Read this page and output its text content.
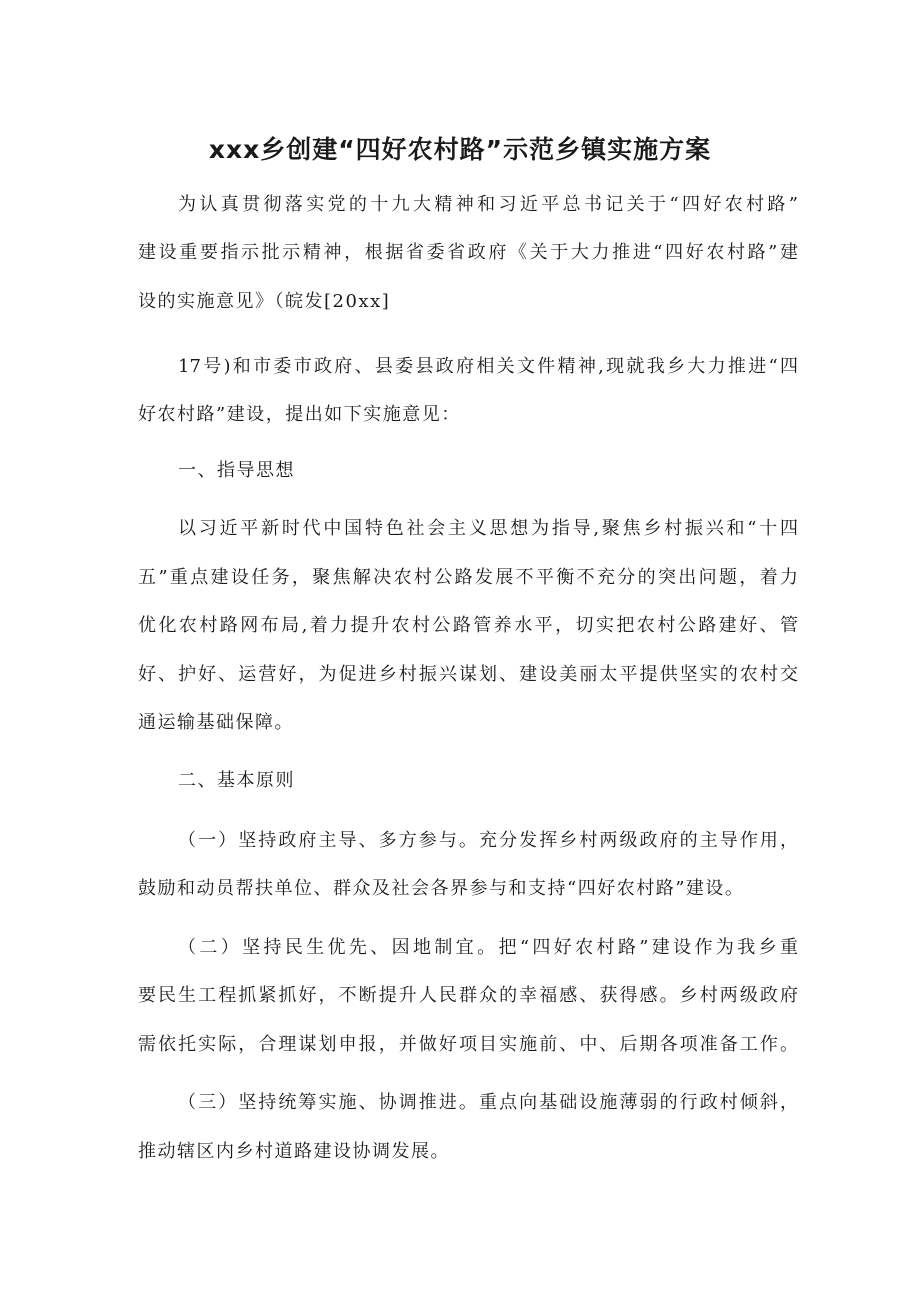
xxx乡创建“四好农村路”示范乡镇实施方案

为认真贯彻落实党的十九大精神和习近平总书记关于“四好农村路”

建设重要指示批示精神，根据省委省政府《关于大力推进“四好农村路”建

设的实施意见》（皖发[20xx]

17号)和市委市政府、县委县政府相关文件精神,现就我乡大力推进“四

好农村路”建设，提出如下实施意见：

一、指导思想

以习近平新时代中国特色社会主义思想为指导,聚焦乡村振兴和“十四

五”重点建设任务，聚焦解决农村公路发展不平衡不充分的突出问题，着力

优化农村路网布局,着力提升农村公路管养水平，切实把农村公路建好、管

好、护好、运营好，为促进乡村振兴谋划、建设美丽太平提供坚实的农村交

通运输基础保障。

二、基本原则

（一）坚持政府主导、多方参与。充分发挥乡村两级政府的主导作用，

鼓励和动员帮扶单位、群众及社会各界参与和支持“四好农村路”建设。

（二）坚持民生优先、因地制宜。把“四好农村路”建设作为我乡重

要民生工程抓紧抓好，不断提升人民群众的幸福感、获得感。乡村两级政府

需依托实际，合理谋划申报，并做好项目实施前、中、后期各项准备工作。

（三）坚持统筹实施、协调推进。重点向基础设施薄弱的行政村倾斜，

推动辖区内乡村道路建设协调发展。
